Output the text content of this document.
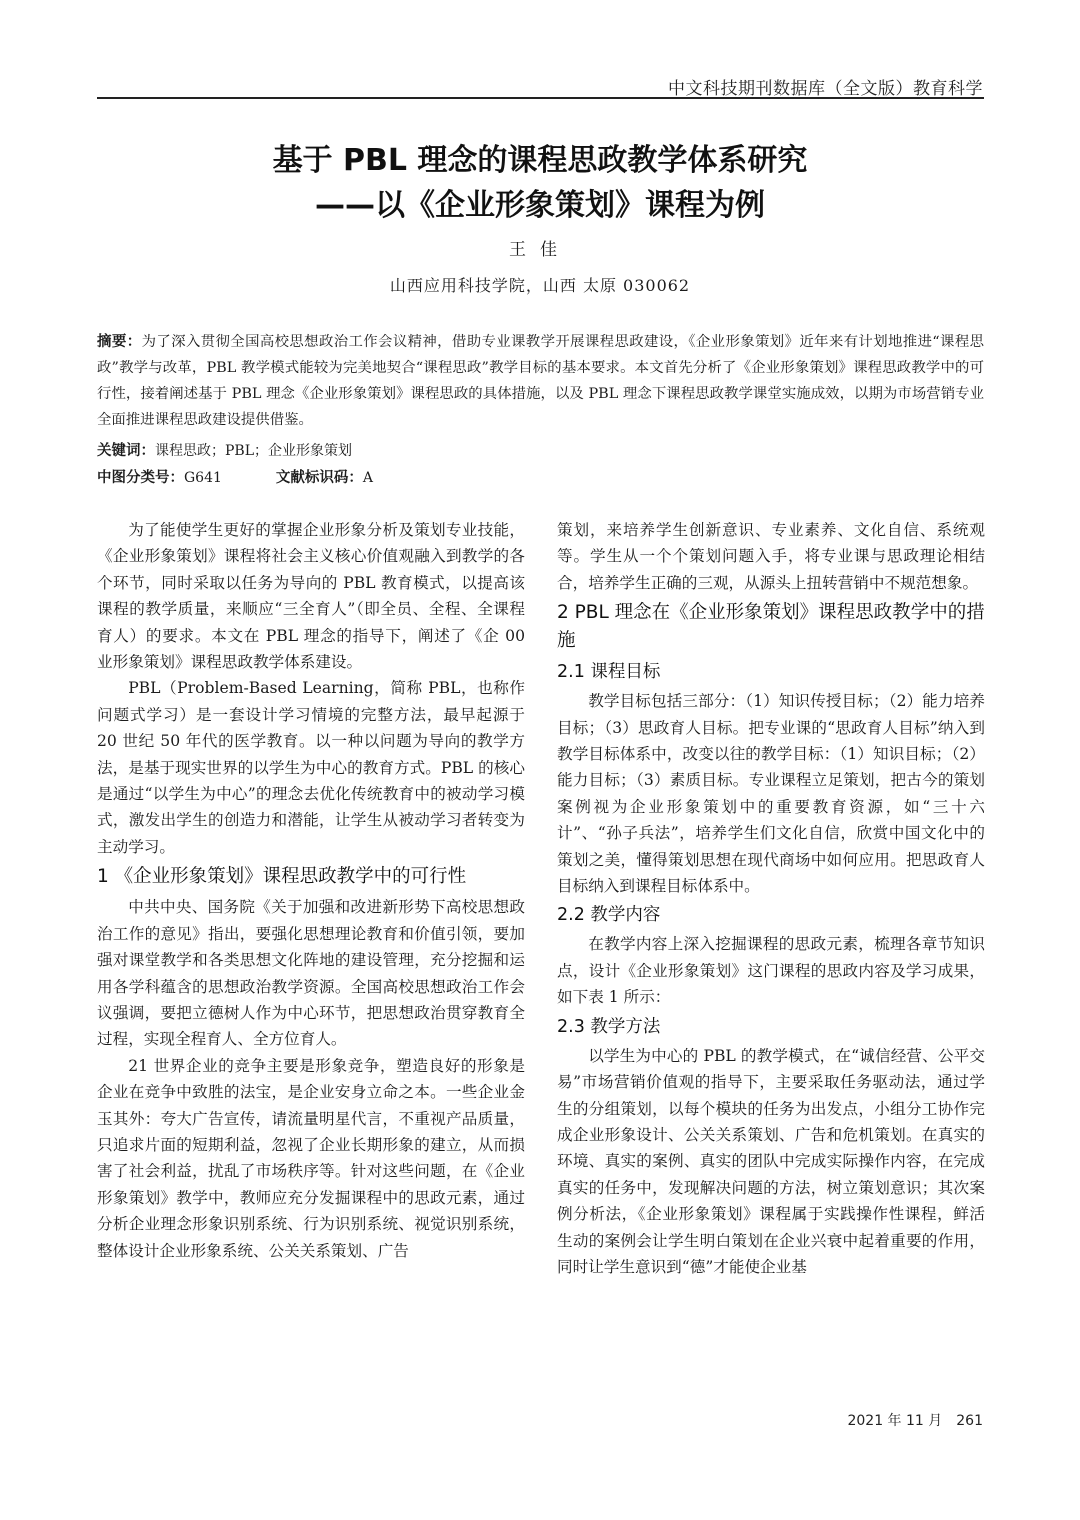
中文科技期刊数据库（全文版）教育科学
基于 PBL 理念的课程思政教学体系研究
——以《企业形象策划》课程为例
王佳
山西应用科技学院，山西 太原 030062

摘要：为了深入贯彻全国高校思想政治工作会议精神，借助专业课教学开展课程思政建设，《企业形象策划》近年来有计划地推进“课程思政”教学与改革，PBL 教学模式能较为完美地契合“课程思政”教学目标的基本要求。本文首先分析了《企业形象策划》课程思政教学中的可行性，接着阐述基于 PBL 理念《企业形象策划》课程思政的具体措施，以及 PBL 理念下课程思政教学课堂实施成效，以期为市场营销专业全面推进课程思政建设提供借鉴。

关键词：课程思政；PBL；企业形象策划
中图分类号：G641	文献标识码：A

为了能使学生更好的掌握企业形象分析及策划专业技能，《企业形象策划》课程将社会主义核心价值观融入到教学的各个环节，同时采取以任务为导向的 PBL 教育模式，以提高该课程的教学质量，来顺应“三全育人”（即全员、全程、全课程育人）的要求。本文在 PBL 理念的指导下，阐述了《企 00 业形象策划》课程思政教学体系建设。

PBL（Problem-Based Learning，简称 PBL，也称作问题式学习）是一套设计学习情境的完整方法，最早起源于 20 世纪 50 年代的医学教育。以一种以问题为导向的教学方法，是基于现实世界的以学生为中心的教育方式。PBL 的核心是通过“以学生为中心”的理念去优化传统教育中的被动学习模式，激发出学生的创造力和潜能，让学生从被动学习者转变为主动学习。

1 《企业形象策划》课程思政教学中的可行性

中共中央、国务院《关于加强和改进新形势下高校思想政治工作的意见》指出，要强化思想理论教育和价值引领，要加强对课堂教学和各类思想文化阵地的建设管理，充分挖掘和运用各学科蕴含的思想政治教学资源。全国高校思想政治工作会议强调，要把立德树人作为中心环节，把思想政治贯穿教育全过程，实现全程育人、全方位育人。

21 世界企业的竞争主要是形象竞争，塑造良好的形象是企业在竞争中致胜的法宝，是企业安身立命之本。一些企业金玉其外：夸大广告宣传，请流量明星代言，不重视产品质量，只追求片面的短期利益，忽视了企业长期形象的建立，从而损害了社会利益，扰乱了市场秩序等。针对这些问题，在《企业形象策划》教学中，教师应充分发掘课程中的思政元素，通过分析企业理念形象识别系统、行为识别系统、视觉识别系统，整体设计企业形象系统、公关关系策划、广告

策划，来培养学生创新意识、专业素养、文化自信、系统观等。学生从一个个策划问题入手，将专业课与思政理论相结合，培养学生正确的三观，从源头上扭转营销中不规范想象。

2 PBL 理念在《企业形象策划》课程思政教学中的措施
2.1 课程目标

教学目标包括三部分：（1）知识传授目标；（2）能力培养目标；（3）思政育人目标。把专业课的“思政育人目标”纳入到教学目标体系中，改变以往的教学目标：（1）知识目标；（2）能力目标；（3）素质目标。专业课程立足策划，把古今的策划案例视为企业形象策划中的重要教育资源，如“三十六计”、“孙子兵法”，培养学生们文化自信，欣赏中国文化中的策划之美，懂得策划思想在现代商场中如何应用。把思政育人目标纳入到课程目标体系中。

2.2 教学内容

在教学内容上深入挖掘课程的思政元素，梳理各章节知识点，设计《企业形象策划》这门课程的思政内容及学习成果，如下表 1 所示：

2.3 教学方法

以学生为中心的 PBL 的教学模式，在“诚信经营、公平交易”市场营销价值观的指导下，主要采取任务驱动法，通过学生的分组策划，以每个模块的任务为出发点，小组分工协作完成企业形象设计、公关关系策划、广告和危机策划。在真实的环境、真实的案例、真实的团队中完成实际操作内容，在完成真实的任务中，发现解决问题的方法，树立策划意识；其次案例分析法，《企业形象策划》课程属于实践操作性课程，鲜活生动的案例会让学生明白策划在企业兴衰中起着重要的作用，同时让学生意识到“德”才能使企业基

2021 年 11 月 261
